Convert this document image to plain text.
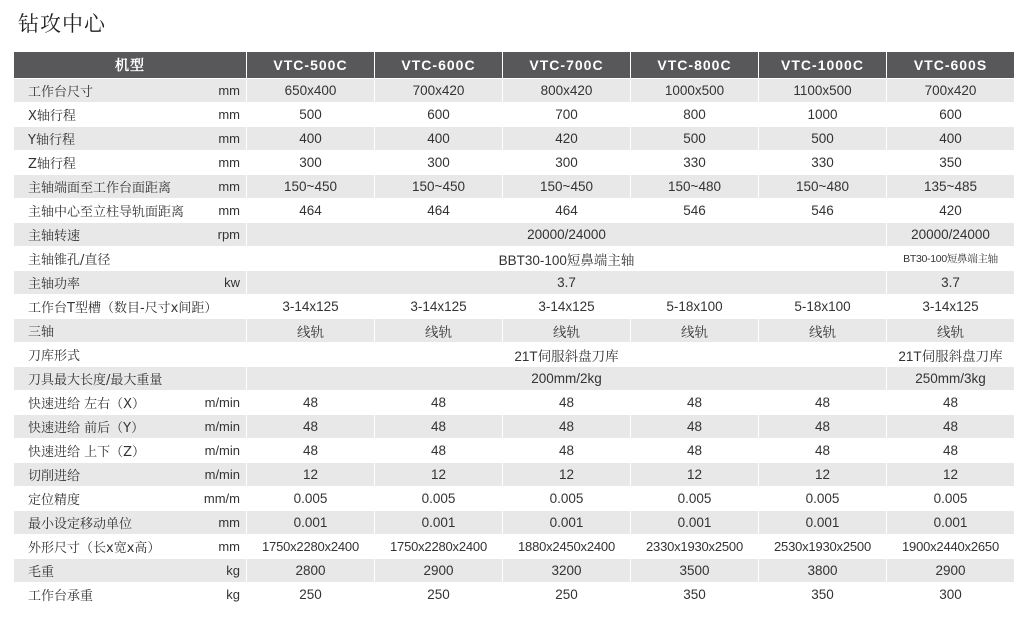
钻攻中心
机型	VTC-500C	VTC-600C	VTC-700C	VTC-800C	VTC-1000C	VTC-600S

工作台尺寸 mm	650x400	700x420	800x420	1000x500	1100x500	700x420

X轴行程 mm	500	600	700	800	1000	600

Y轴行程 mm	400	400	420	500	500	400

Z轴行程 mm	300	300	300	330	330	350

主轴端面至工作台面距离 mm	150~450	150~450	150~450	150~480	150~480	135~485

主轴中心至立柱导轨面距离 mm	464	464	464	546	546	420

主轴转速 rpm	20000/24000					20000/24000

主轴锥孔/直径	BBT30-100短鼻端主轴					BT30-100短鼻端主轴

主轴功率 kw	3.7					3.7

工作台T型槽（数目-尺寸x间距）	3-14x125	3-14x125	3-14x125	5-18x100	5-18x100	3-14x125

三轴	线轨	线轨	线轨	线轨	线轨	线轨

刀库形式	21T伺服斜盘刀库					21T伺服斜盘刀库

刀具最大长度/最大重量	200mm/2kg					250mm/3kg

快速进给 左右（X） m/min	48	48	48	48	48	48

快速进给 前后（Y） m/min	48	48	48	48	48	48

快速进给 上下（Z） m/min	48	48	48	48	48	48

切削进给 m/min	12	12	12	12	12	12

定位精度 mm/m	0.005	0.005	0.005	0.005	0.005	0.005

最小设定移动单位 mm	0.001	0.001	0.001	0.001	0.001	0.001

外形尺寸（长x宽x高） mm	1750x2280x2400	1750x2280x2400	1880x2450x2400	2330x1930x2500	2530x1930x2500	1900x2440x2650

毛重 kg	2800	2900	3200	3500	3800	2900

工作台承重 kg	250	250	250	350	350	300
